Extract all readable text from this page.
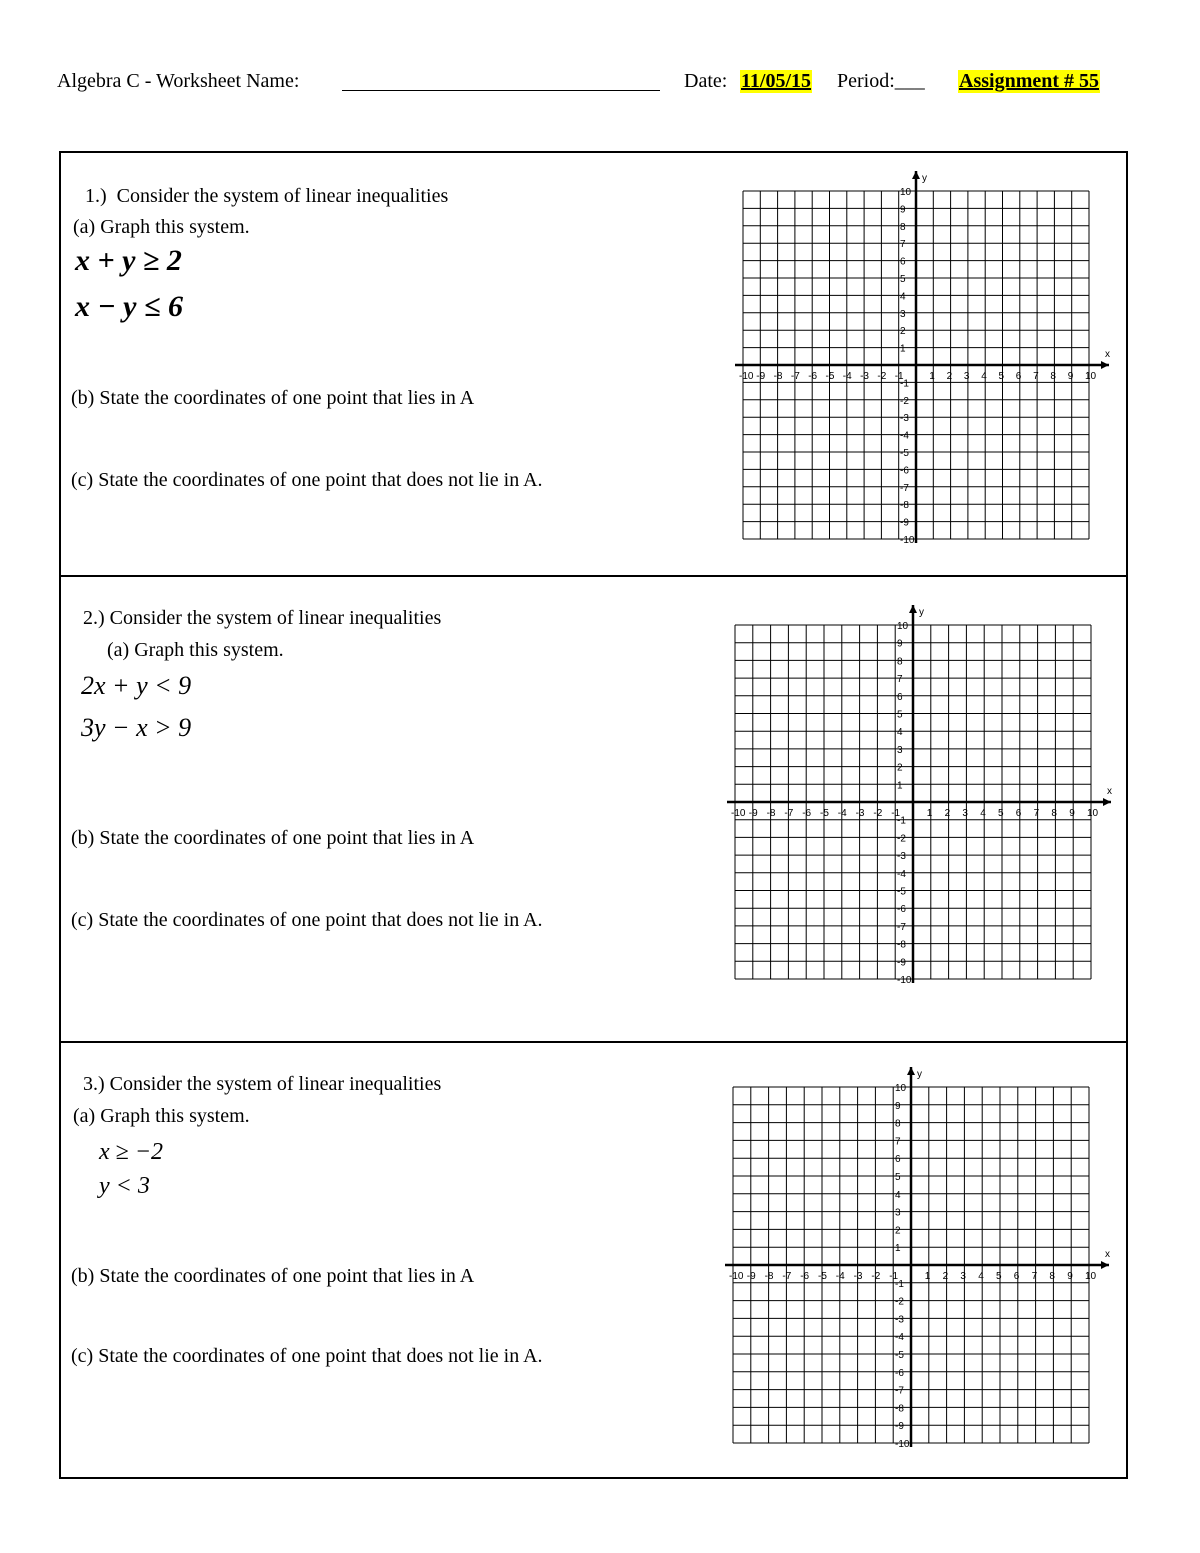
Algebra C - Worksheet Name:	Date: 11/05/15 Period:___ Assignment # 55
1.) Consider the system of linear inequalities
(a) Graph this system.
x + y ≥ 2
x − y ≤ 6
(b) State the coordinates of one point that lies in A
(c) State the coordinates of one point that does not lie in A.
x
y
-10
-10
-9
-9
-8
-8
-7
-7
-6
-6
-5
-5
-4
-4
-3
-3
-2
-2
-1
-1
1
1
2
2
3
3
4
4
5
5
6
6
7
7
8
8
9
9
10
10
2.) Consider the system of linear inequalities
(a) Graph this system.
2x + y < 9
3y − x > 9
(b) State the coordinates of one point that lies in A
(c) State the coordinates of one point that does not lie in A.
x
y
-10
-10
-9
-9
-8
-8
-7
-7
-6
-6
-5
-5
-4
-4
-3
-3
-2
-2
-1
-1
1
1
2
2
3
3
4
4
5
5
6
6
7
7
8
8
9
9
10
10
3.) Consider the system of linear inequalities
(a) Graph this system.
x ≥ −2
y < 3
(b) State the coordinates of one point that lies in A
(c) State the coordinates of one point that does not lie in A.
x
y
-10
-10
-9
-9
-8
-8
-7
-7
-6
-6
-5
-5
-4
-4
-3
-3
-2
-2
-1
-1
1
1
2
2
3
3
4
4
5
5
6
6
7
7
8
8
9
9
10
10
